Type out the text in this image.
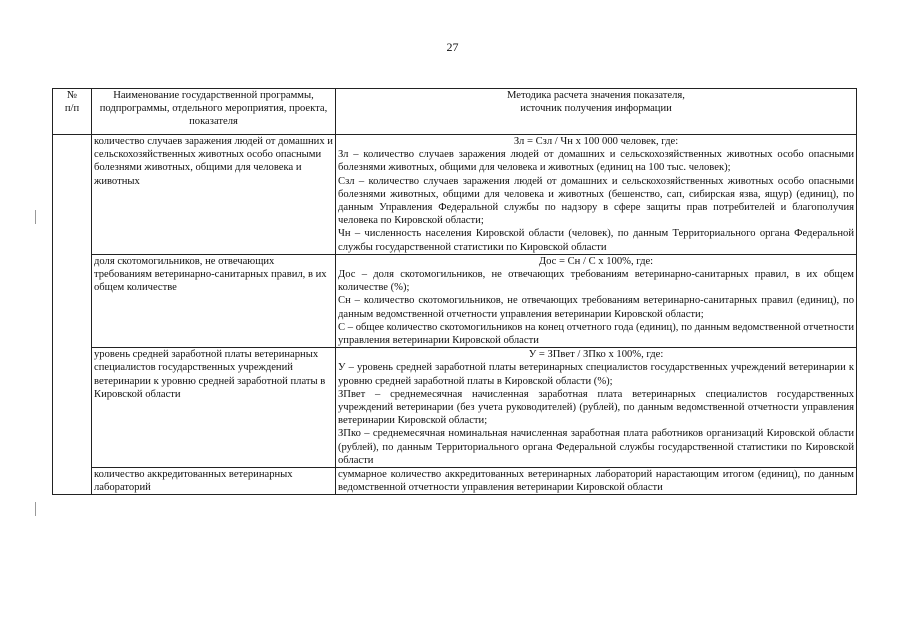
27
№
п/п	Наименование государственной программы, подпрограммы, отдельного мероприятия, проекта, показателя	Методика расчета значения показателя,
источник получения информации
	количество случаев заражения людей от домашних и сельскохозяйственных животных особо опасными болезнями животных, общими для человека и животных	Зл = Сзл / Чн х 100 000 человек, где:
Зл – количество случаев заражения людей от домашних и сельскохозяйственных животных особо опасными болезнями животных, общими для человека и животных (единиц на 100 тыс. человек);
Сзл – количество случаев заражения людей от домашних и сельскохозяйственных животных особо опасными болезнями животных, общими для человека и животных (бешенство, сап, сибирская язва, ящур) (единиц), по данным Управления Федеральной службы по надзору в сфере защиты прав потребителей и благополучия человека по Кировской области;
Чн – численность населения Кировской области (человек), по данным Территориального органа Федеральной службы государственной статистики по Кировской области

	доля скотомогильников, не отвечающих требованиям ветеринарно-санитарных правил, в их общем количестве	Дос = Сн / С х 100%, где:
Дос – доля скотомогильников, не отвечающих требованиям ветеринарно-санитарных правил, в их общем количестве (%);
Сн – количество скотомогильников, не отвечающих требованиям ветеринарно-санитарных правил (единиц), по данным ведомственной отчетности управления ветеринарии Кировской области;
С – общее количество скотомогильников на конец отчетного года (единиц), по данным ведомственной отчетности управления ветеринарии Кировской области

	уровень средней заработной платы ветеринарных специалистов государственных учреждений ветеринарии к уровню средней заработной платы в Кировской области	У = ЗПвет / ЗПко х 100%, где:
У – уровень средней заработной платы ветеринарных специалистов государственных учреждений ветеринарии к уровню средней заработной платы в Кировской области (%);
ЗПвет – среднемесячная начисленная заработная плата ветеринарных специалистов государственных учреждений ветеринарии (без учета руководителей) (рублей), по данным ведомственной отчетности управления ветеринарии Кировской области;
ЗПко – среднемесячная номинальная начисленная заработная плата работников организаций Кировской области (рублей), по данным Территориального органа Федеральной службы государственной статистики по Кировской области

	количество аккредитованных ветеринарных лабораторий	суммарное количество аккредитованных ветеринарных лабораторий нарастающим итогом (единиц), по данным ведомственной отчетности управления ветеринарии Кировской области
